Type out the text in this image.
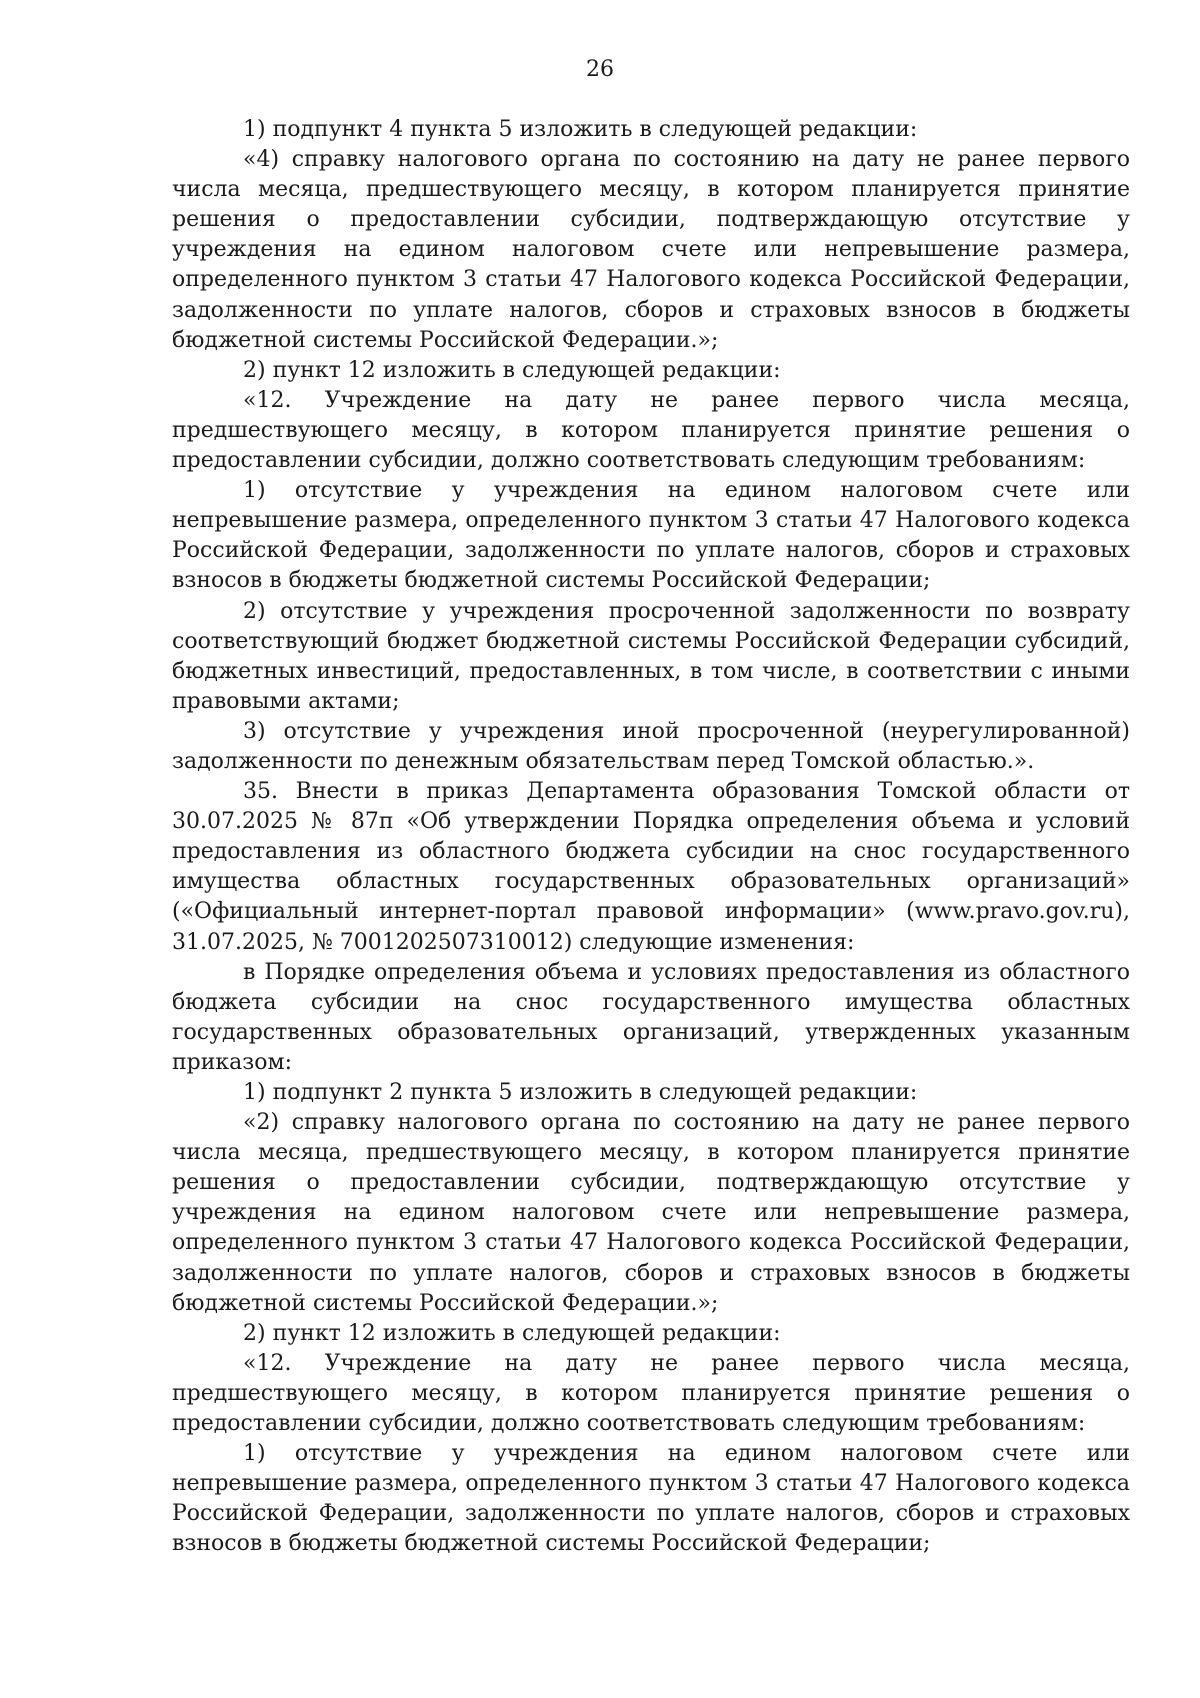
26

1) подпункт 4 пункта 5 изложить в следующей редакции:

«4) справку налогового органа по состоянию на дату не ранее первого числа месяца, предшествующего месяцу, в котором планируется принятие решения о предоставлении субсидии, подтверждающую отсутствие у учреждения на едином налоговом счете или непревышение размера, определенного пунктом 3 статьи 47 Налогового кодекса Российской Федерации, задолженности по уплате налогов, сборов и страховых взносов в бюджеты бюджетной системы Российской Федерации.»;

2) пункт 12 изложить в следующей редакции:

«12. Учреждение на дату не ранее первого числа месяца, предшествующего месяцу, в котором планируется принятие решения о предоставлении субсидии, должно соответствовать следующим требованиям:

1) отсутствие у учреждения на едином налоговом счете или непревышение размера, определенного пунктом 3 статьи 47 Налогового кодекса Российской Федерации, задолженности по уплате налогов, сборов и страховых взносов в бюджеты бюджетной системы Российской Федерации;

2) отсутствие у учреждения просроченной задолженности по возврату соответствующий бюджет бюджетной системы Российской Федерации субсидий, бюджетных инвестиций, предоставленных, в том числе, в соответствии с иными правовыми актами;

3) отсутствие у учреждения иной просроченной (неурегулированной) задолженности по денежным обязательствам перед Томской областью.».

35. Внести в приказ Департамента образования Томской области от 30.07.2025 № 87п «Об утверждении Порядка определения объема и условий предоставления из областного бюджета субсидии на снос государственного имущества областных государственных образовательных организаций» («Официальный интернет-портал правовой информации» (www.pravo.gov.ru), 31.07.2025, № 7001202507310012) следующие изменения:

в Порядке определения объема и условиях предоставления из областного бюджета субсидии на снос государственного имущества областных государственных образовательных организаций, утвержденных указанным приказом:

1) подпункт 2 пункта 5 изложить в следующей редакции:

«2) справку налогового органа по состоянию на дату не ранее первого числа месяца, предшествующего месяцу, в котором планируется принятие решения о предоставлении субсидии, подтверждающую отсутствие у учреждения на едином налоговом счете или непревышение размера, определенного пунктом 3 статьи 47 Налогового кодекса Российской Федерации, задолженности по уплате налогов, сборов и страховых взносов в бюджеты бюджетной системы Российской Федерации.»;

2) пункт 12 изложить в следующей редакции:

«12. Учреждение на дату не ранее первого числа месяца, предшествующего месяцу, в котором планируется принятие решения о предоставлении субсидии, должно соответствовать следующим требованиям:

1) отсутствие у учреждения на едином налоговом счете или непревышение размера, определенного пунктом 3 статьи 47 Налогового кодекса Российской Федерации, задолженности по уплате налогов, сборов и страховых взносов в бюджеты бюджетной системы Российской Федерации;
